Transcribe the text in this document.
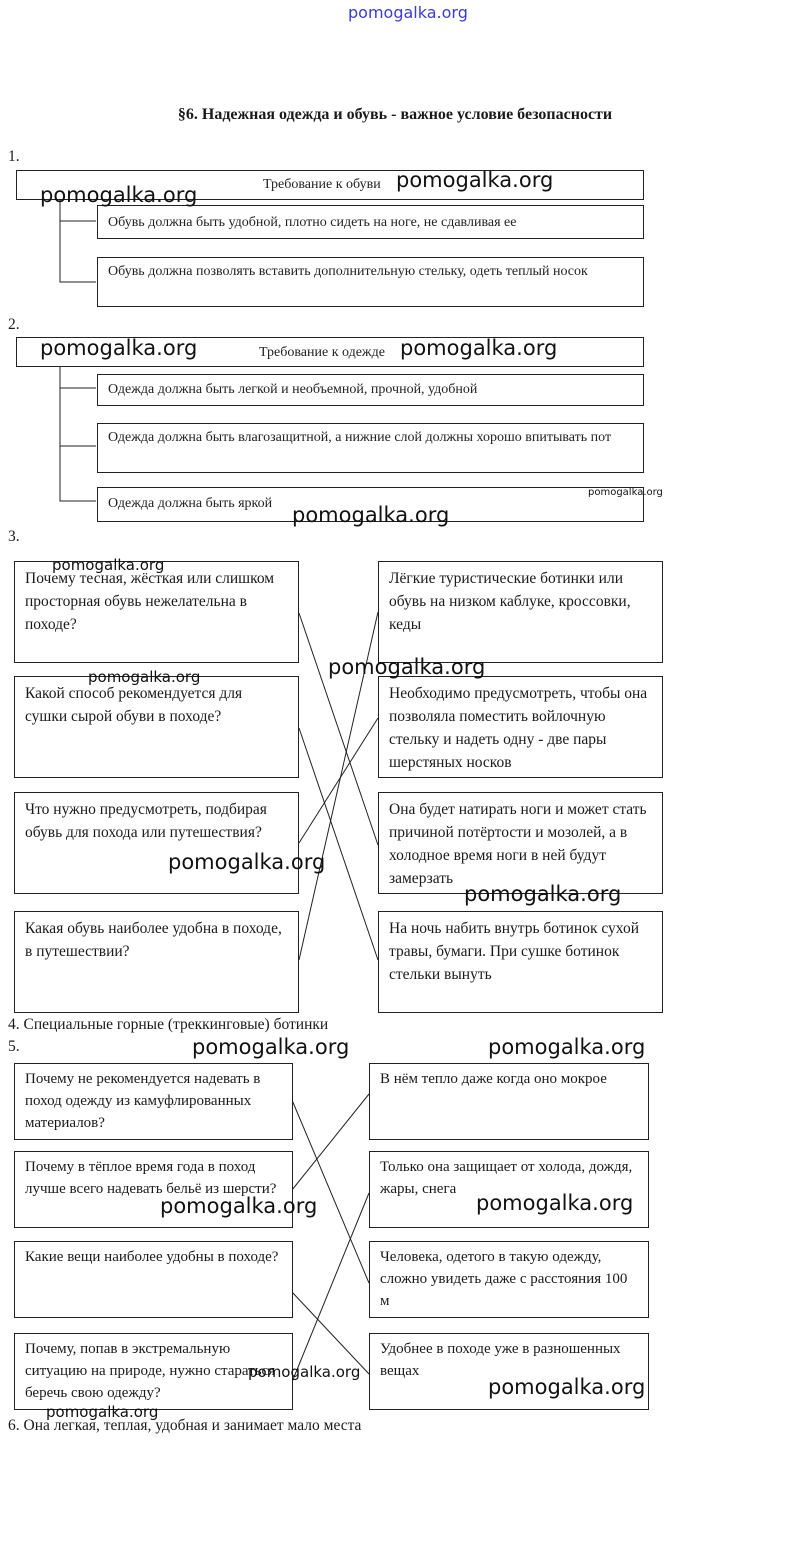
pomogalka.org
§6. Надежная одежда и обувь - важное условие безопасности
1.
Требование к обуви
Обувь должна быть удобной, плотно сидеть на ноге, не сдавливая ее
Обувь должна позволять вставить дополнительную стельку, одеть теплый носок
2.
Требование к одежде
Одежда должна быть легкой и необъемной, прочной, удобной
Одежда должна быть влагозащитной, а нижние слой должны хорошо впитывать пот
Одежда должна быть яркой
3.
Почему тесная, жёсткая или слишком просторная обувь нежелательна в походе?
Какой способ рекомендуется для сушки сырой обуви в походе?
Что нужно предусмотреть, подбирая обувь для похода или путешествия?
Какая обувь наиболее удобна в походе, в путешествии?
Лёгкие туристические ботинки или обувь на низком каблуке, кроссовки, кеды
Необходимо предусмотреть, чтобы она позволяла поместить войлочную стельку и надеть одну - две пары шерстяных носков
Она будет натирать ноги и может стать причиной потёртости и мозолей, а в холодное время ноги в ней будут замерзать
На ночь набить внутрь ботинок сухой травы, бумаги. При сушке ботинок стельки вынуть
4. Специальные горные (треккинговые) ботинки
5.
Почему не рекомендуется надевать в поход одежду из камуфлированных материалов?
Почему в тёплое время года в поход лучше всего надевать бельё из шерсти?
Какие вещи наиболее удобны в походе?
Почему, попав в экстремальную ситуацию на природе, нужно стараться беречь свою одежду?
В нём тепло даже когда оно мокрое
Только она защищает от холода, дождя, жары, снега
Человека, одетого в такую одежду, сложно увидеть даже с расстояния 100 м
Удобнее в походе уже в разношенных вещах
6. Она легкая, теплая, удобная и занимает мало места
pomogalka.org
pomogalka.org
pomogalka.org	pomogalka.org
pomogalka.org
pomogalka.org
pomogalka.org
pomogalka.org	pomogalka.org
pomogalka.org
pomogalka.org
pomogalka.org	pomogalka.org
pomogalka.org	pomogalka.org
pomogalka.org
pomogalka.org
pomogalka.org
